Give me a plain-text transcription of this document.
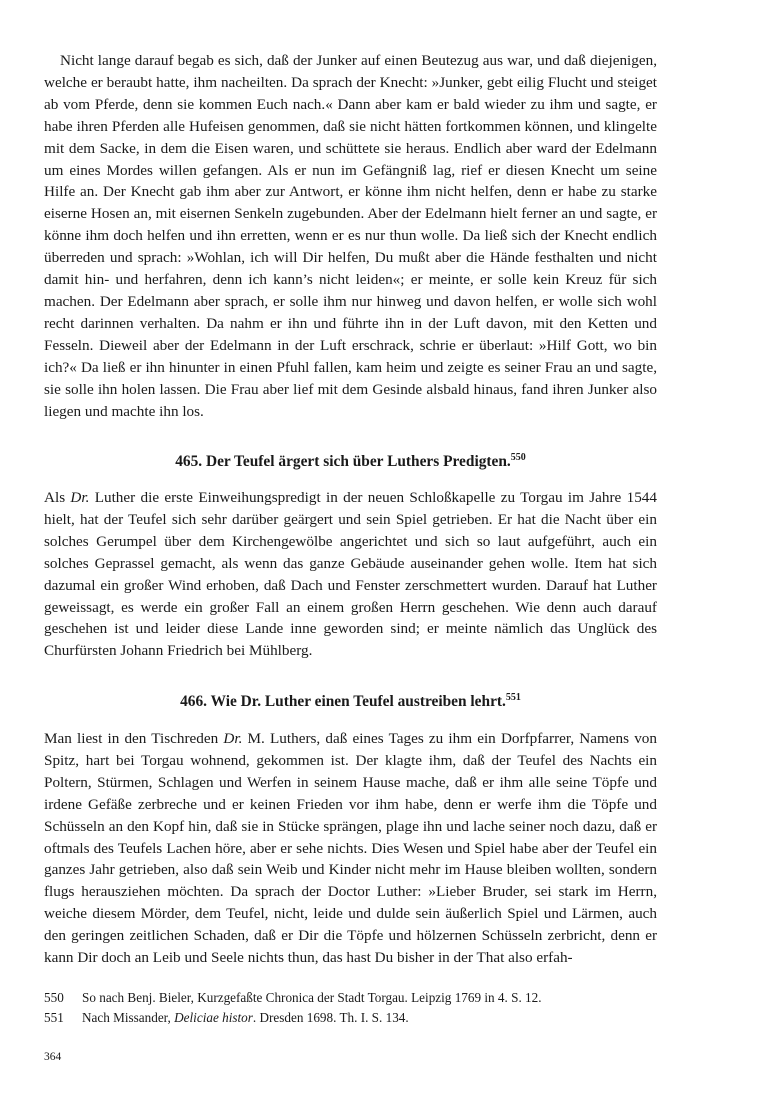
Nicht lange darauf begab es sich, daß der Junker auf einen Beutezug aus war, und daß diejenigen, welche er beraubt hatte, ihm nacheilten. Da sprach der Knecht: »Junker, gebt eilig Flucht und steiget ab vom Pferde, denn sie kommen Euch nach.« Dann aber kam er bald wieder zu ihm und sagte, er habe ihren Pferden alle Hufeisen genommen, daß sie nicht hätten fortkommen können, und klingelte mit dem Sacke, in dem die Eisen waren, und schüttete sie heraus. Endlich aber ward der Edelmann um eines Mordes willen gefangen. Als er nun im Gefängniß lag, rief er diesen Knecht um seine Hilfe an. Der Knecht gab ihm aber zur Antwort, er könne ihm nicht helfen, denn er habe zu starke eiserne Hosen an, mit eisernen Senkeln zugebunden. Aber der Edelmann hielt ferner an und sagte, er könne ihm doch helfen und ihn erretten, wenn er es nur thun wolle. Da ließ sich der Knecht endlich überreden und sprach: »Wohlan, ich will Dir helfen, Du mußt aber die Hände festhalten und nicht damit hin- und herfahren, denn ich kann’s nicht leiden«; er meinte, er solle kein Kreuz für sich machen. Der Edelmann aber sprach, er solle ihm nur hinweg und davon helfen, er wolle sich wohl recht darinnen verhalten. Da nahm er ihn und führte ihn in der Luft davon, mit den Ketten und Fesseln. Dieweil aber der Edelmann in der Luft erschrack, schrie er überlaut: »Hilf Gott, wo bin ich?« Da ließ er ihn hinunter in einen Pfuhl fallen, kam heim und zeigte es seiner Frau an und sagte, sie solle ihn holen lassen. Die Frau aber lief mit dem Gesinde alsbald hinaus, fand ihren Junker also liegen und machte ihn los.

465. Der Teufel ärgert sich über Luthers Predigten.$^{550}$

Als Dr. Luther die erste Einweihungspredigt in der neuen Schloßkapelle zu Torgau im Jahre 1544 hielt, hat der Teufel sich sehr darüber geärgert und sein Spiel getrieben. Er hat die Nacht über ein solches Gerumpel über dem Kirchengewölbe angerichtet und sich so laut aufgeführt, auch ein solches Geprassel gemacht, als wenn das ganze Gebäude auseinander gehen wolle. Item hat sich dazumal ein großer Wind erhoben, daß Dach und Fenster zerschmettert wurden. Darauf hat Luther geweissagt, es werde ein großer Fall an einem großen Herrn geschehen. Wie denn auch darauf geschehen ist und leider diese Lande inne geworden sind; er meinte nämlich das Unglück des Churfürsten Johann Friedrich bei Mühlberg.

466. Wie Dr. Luther einen Teufel austreiben lehrt.$^{551}$

Man liest in den Tischreden Dr. M. Luthers, daß eines Tages zu ihm ein Dorfpfarrer, Namens von Spitz, hart bei Torgau wohnend, gekommen ist. Der klagte ihm, daß der Teufel des Nachts ein Poltern, Stürmen, Schlagen und Werfen in seinem Hause mache, daß er ihm alle seine Töpfe und irdene Gefäße zerbreche und er keinen Frieden vor ihm habe, denn er werfe ihm die Töpfe und Schüsseln an den Kopf hin, daß sie in Stücke sprängen, plage ihn und lache seiner noch dazu, daß er oftmals des Teufels Lachen höre, aber er sehe nichts. Dies Wesen und Spiel habe aber der Teufel ein ganzes Jahr getrieben, also daß sein Weib und Kinder nicht mehr im Hause bleiben wollten, sondern flugs herausziehen möchten. Da sprach der Doctor Luther: »Lieber Bruder, sei stark im Herrn, weiche diesem Mörder, dem Teufel, nicht, leide und dulde sein äußerlich Spiel und Lärmen, auch den geringen zeitlichen Schaden, daß er Dir die Töpfe und hölzernen Schüsseln zerbricht, denn er kann Dir doch an Leib und Seele nichts thun, das hast Du bisher in der That also erfah-

550	So nach Benj. Bieler, Kurzgefaßte Chronica der Stadt Torgau. Leipzig 1769 in 4. S. 12.
551	Nach Missander, Deliciae histor. Dresden 1698. Th. I. S. 134.
364
